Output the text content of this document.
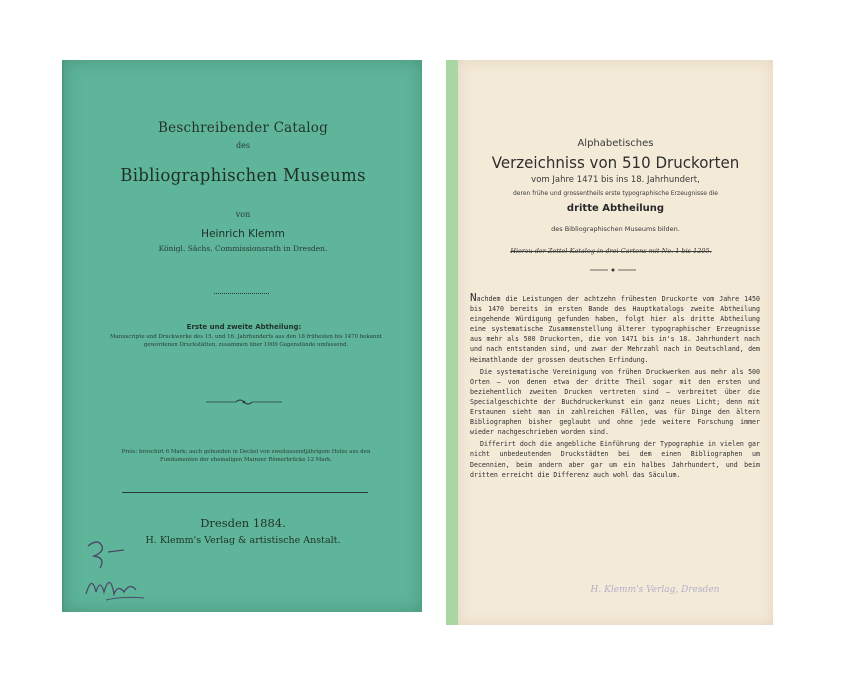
Beschreibender Catalog
des
Bibliographischen Museums
von
Heinrich Klemm
Königl. Sächs. Commissionsrath in Dresden.
Erste und zweite Abtheilung:
Manuscripte und Druckwerke des 15. und 16. Jahrhunderts aus den 18 frühesten bis 1470 bekannt gewordenen Druckstätten, zusammen über 1000 Gegenstände umfassend.
Preis: broschirt 6 Mark; auch gebunden in Deckel von zweitausendjährigem Holze aus den Fundamenten der ehemaligen Mainzer Römerbrücke 12 Mark.
Dresden 1884.
H. Klemm's Verlag & artistische Anstalt.
Alphabetisches
Verzeichniss von 510 Druckorten
vom Jahre 1471 bis ins 18. Jahrhundert,
deren frühe und grossentheils erste typographische Erzeugnisse die
dritte Abtheilung
des Bibliographischen Museums bilden.
Hierzu der Zettel-Katalog in drei Cartons mit No. 1 bis 1205.

Nachdem die Leistungen der achtzehn frühesten Druckorte vom Jahre 1450 bis 1470 bereits im ersten Bande des Hauptkatalogs zweite Abtheilung eingehende Würdigung gefunden haben, folgt hier als dritte Abtheilung eine systematische Zusammenstellung älterer typographischer Erzeugnisse aus mehr als 500 Druckorten, die von 1471 bis in's 18. Jahrhundert nach und nach entstanden sind, und zwar der Mehrzahl nach in Deutschland, dem Heimathlande der grossen deutschen Erfindung.

Die systematische Vereinigung von frühen Druckwerken aus mehr als 500 Orten — von denen etwa der dritte Theil sogar mit den ersten und beziehentlich zweiten Drucken vertreten sind — verbreitet über die Specialgeschichte der Buchdruckerkunst ein ganz neues Licht; denn mit Erstaunen sieht man in zahlreichen Fällen, was für Dinge den ältern Bibliographen bisher geglaubt und ohne jede weitere Forschung immer wieder nachgeschrieben worden sind.

Differirt doch die angebliche Einführung der Typographie in vielen gar nicht unbedeutenden Druckstädten bei dem einen Bibliographen um Decennien, beim andern aber gar um ein halbes Jahrhundert, und beim dritten erreicht die Differenz auch wohl das Säculum.

H. Klemm's Verlag, Dresden
